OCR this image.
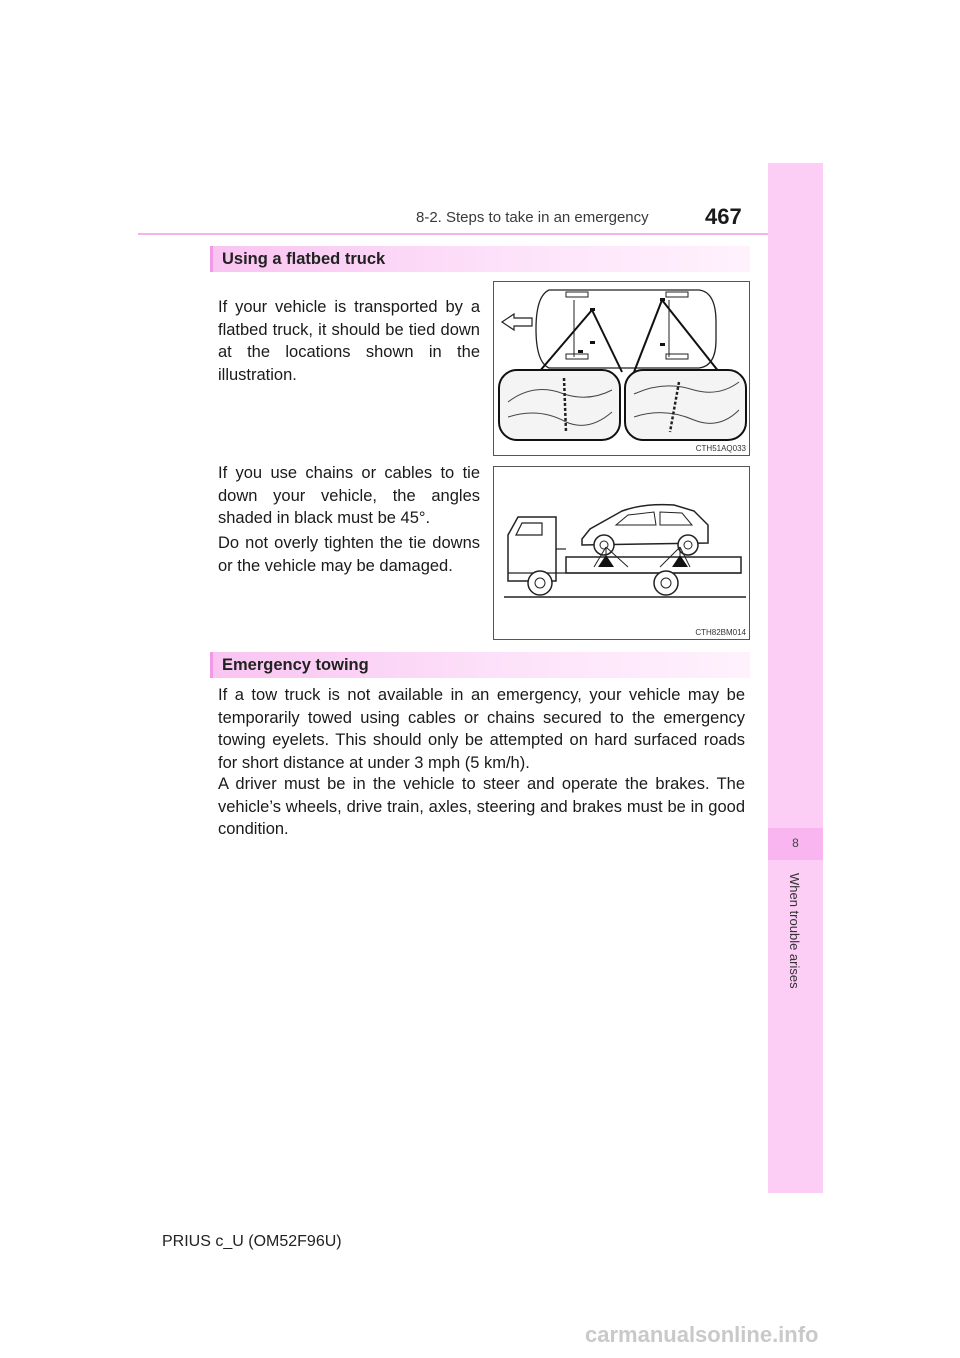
8-2. Steps to take in an emergency	467
8
When trouble arises
Using a flatbed truck
If your vehicle is transported by a flatbed truck, it should be tied down at the locations shown in the illustration.
If you use chains or cables to tie down your vehicle, the angles shaded in black must be 45°.
Do not overly tighten the tie downs or the vehicle may be damaged.
CTH51AQ033
CTH82BM014
Emergency towing
If a tow truck is not available in an emergency, your vehicle may be temporarily towed using cables or chains secured to the emergency towing eyelets. This should only be attempted on hard surfaced roads for short distance at under 3 mph (5 km/h).
A driver must be in the vehicle to steer and operate the brakes. The vehicle’s wheels, drive train, axles, steering and brakes must be in good condition.
PRIUS c_U (OM52F96U)
carmanualsonline.info
